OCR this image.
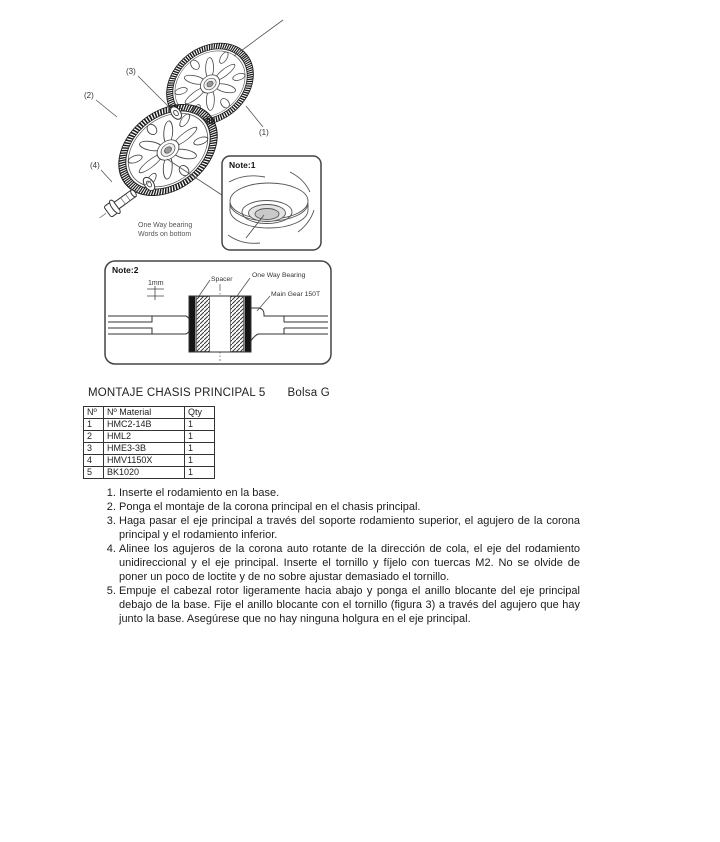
(3)
(2)
(1)
(4)
One Way bearing
Words on bottom
Note:1
Note:2
1mm
Spacer
One Way Bearing
Main Gear 150T
MONTAJE CHASIS PRINCIPAL 5 Bolsa G
Nº	Nº Material	Qty
1	HMC2-14B	1
2	HML2	1
3	HME3-3B	1
4	HMV1150X	1
5	BK1020	1
1. Inserte el rodamiento en la base.
2. Ponga el montaje de la corona principal en el chasis principal.
3. Haga pasar el eje principal a través del soporte rodamiento superior, el agujero de la corona principal y el rodamiento inferior.
4. Alinee los agujeros de la corona auto rotante de la dirección de cola, el eje del rodamiento unidireccional y el eje principal. Inserte el tornillo y fíjelo con tuercas M2. No se olvide de poner un poco de loctite y de no sobre ajustar demasiado el tornillo.
5. Empuje el cabezal rotor ligeramente hacia abajo y ponga el anillo blocante del eje principal debajo de la base. Fije el anillo blocante con el tornillo (figura 3) a través del agujero que hay junto la base. Asegúrese que no hay ninguna holgura en el eje principal.
